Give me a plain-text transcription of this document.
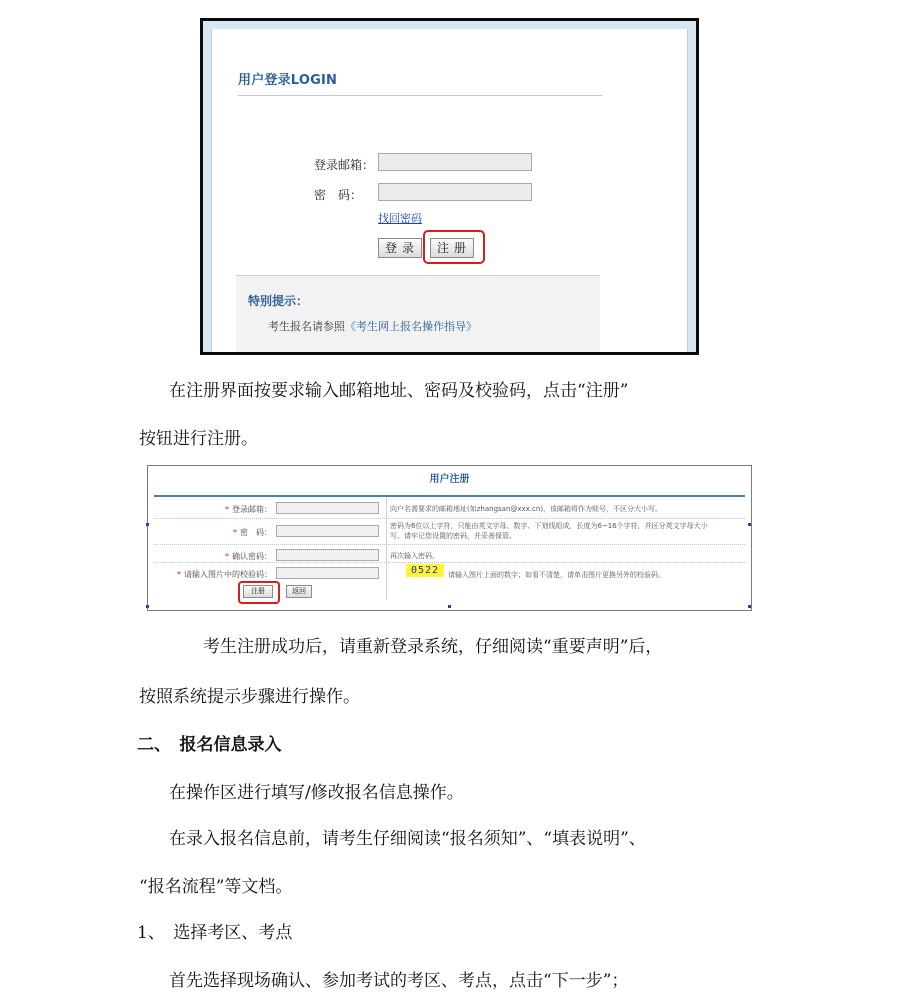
用户登录LOGIN
登录邮箱：
密　码：
找回密码
登录	注册
特别提示：
考生报名请参照《考生网上报名操作指导》
在注册界面按要求输入邮箱地址、密码及校验码，点击“注册”
按钮进行注册。
用户注册
* 登录邮箱：	向户名需要求的邮箱地址(如zhangsan@xxx.cn)，该邮箱将作为账号，不区分大小写。
* 密　码：
密码为6位以上字符，只能由英文字母、数字、下划线组成，长度为6~16个字符，并区分英文字母大小写。请牢记您设置的密码，并妥善保管。
* 确认密码：	再次输入密码。
* 请输入图片中的校验码：	0522	请输入图片上面的数字；如看不清楚，请单击图片更换另外的校验码。
注册	返回
考生注册成功后，请重新登录系统，仔细阅读“重要声明”后，
按照系统提示步骤进行操作。
二、　报名信息录入
在操作区进行填写/修改报名信息操作。
在录入报名信息前，请考生仔细阅读“报名须知”、“填表说明”、
“报名流程”等文档。
1、　选择考区、考点
首先选择现场确认、参加考试的考区、考点，点击“下一步”；
